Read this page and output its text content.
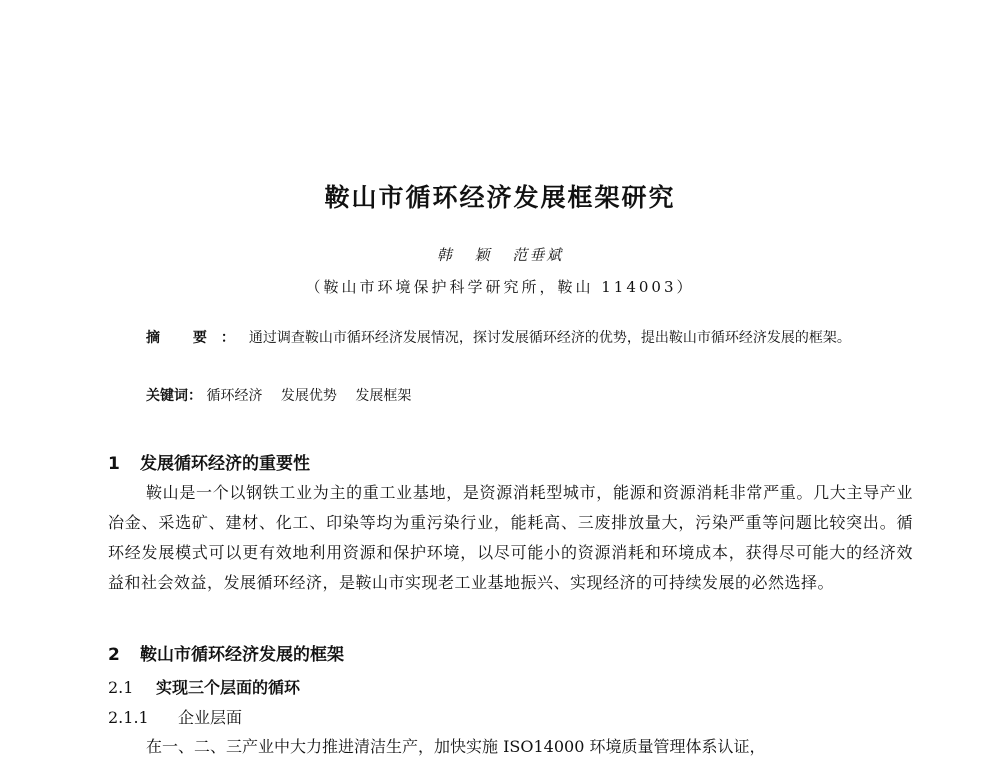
鞍山市循环经济发展框架研究
韩 颖 范垂斌
（鞍山市环境保护科学研究所，鞍山 114003）
摘 要：通过调查鞍山市循环经济发展情况，探讨发展循环经济的优势，提出鞍山市循环经济发展的框架。
关键词： 循环经济 发展优势 发展框架
1 发展循环经济的重要性
鞍山是一个以钢铁工业为主的重工业基地，是资源消耗型城市，能源和资源消耗非常严重。几大主导产业冶金、采选矿、建材、化工、印染等均为重污染行业，能耗高、三废排放量大，污染严重等问题比较突出。循环经发展模式可以更有效地利用资源和保护环境，以尽可能小的资源消耗和环境成本，获得尽可能大的经济效益和社会效益，发展循环经济，是鞍山市实现老工业基地振兴、实现经济的可持续发展的必然选择。
2 鞍山市循环经济发展的框架
2.1 实现三个层面的循环
2.1.1 企业层面
在一、二、三产业中大力推进清洁生产，加快实施 ISO14000 环境质量管理体系认证，
